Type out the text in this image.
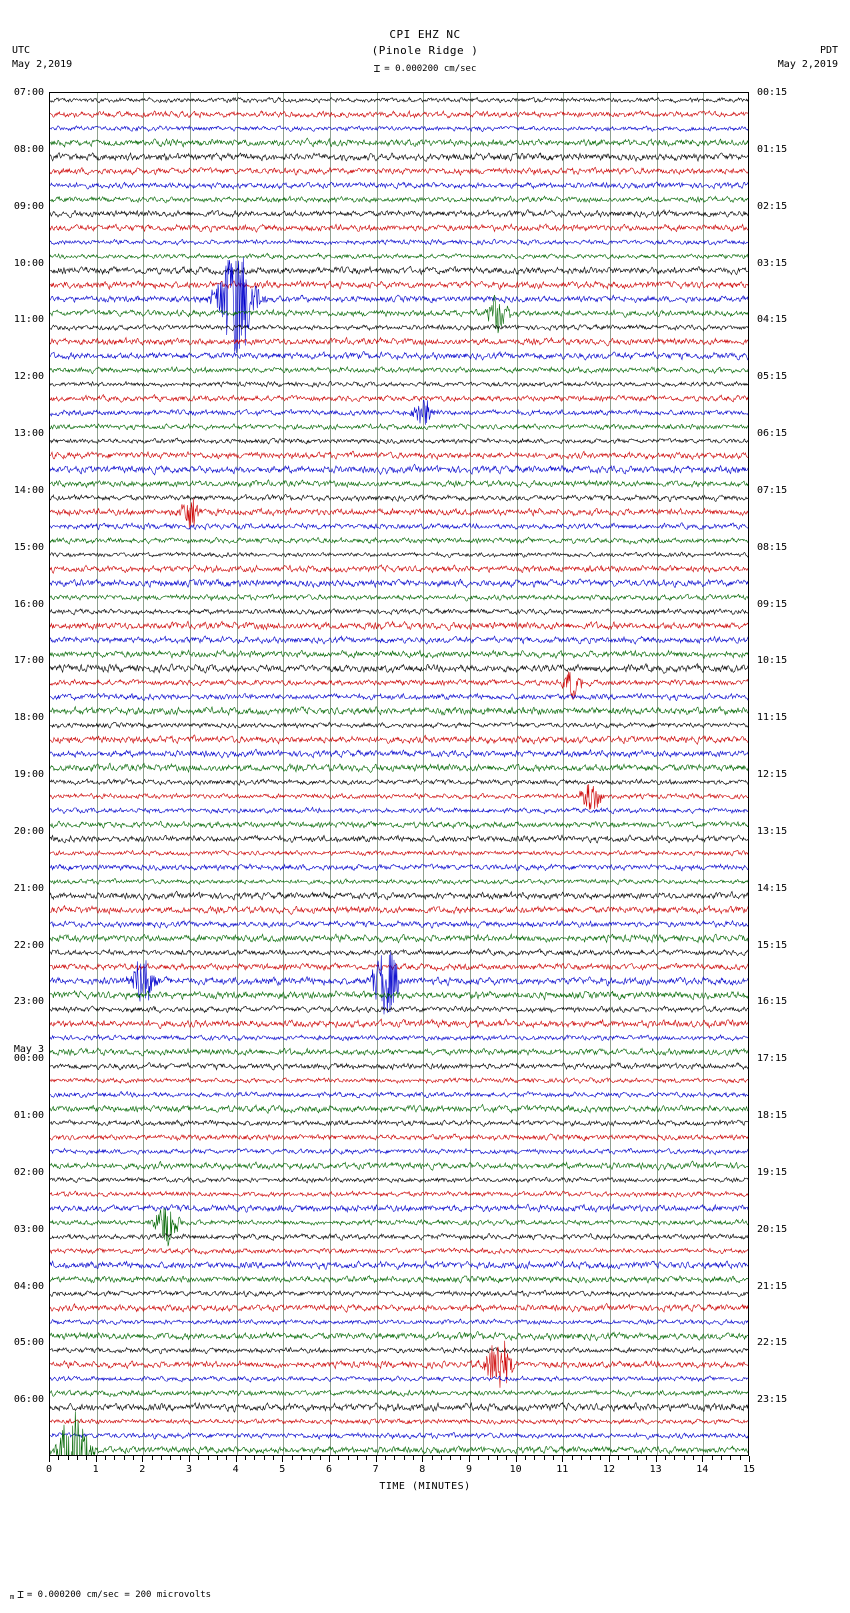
CPI EHZ NC
(Pinole Ridge )
⌶ = 0.000200 cm/sec
UTC
May 2,2019
PDT
May 2,2019
07:00
08:00
09:00
10:00
11:00
12:00
13:00
14:00
15:00
16:00
17:00
18:00
19:00
20:00
21:00
22:00
23:00
May 3
00:00
01:00
02:00
03:00
04:00
05:00
06:00
00:15
01:15
02:15
03:15
04:15
05:15
06:15
07:15
08:15
09:15
10:15
11:15
12:15
13:15
14:15
15:15
16:15
17:15
18:15
19:15
20:15
21:15
22:15
23:15
0	1	2	3	4	5	6	7	8	9	10	11	12	13	14	15
TIME (MINUTES)
$_m$ ⌶ = 0.000200 cm/sec = 200 microvolts
